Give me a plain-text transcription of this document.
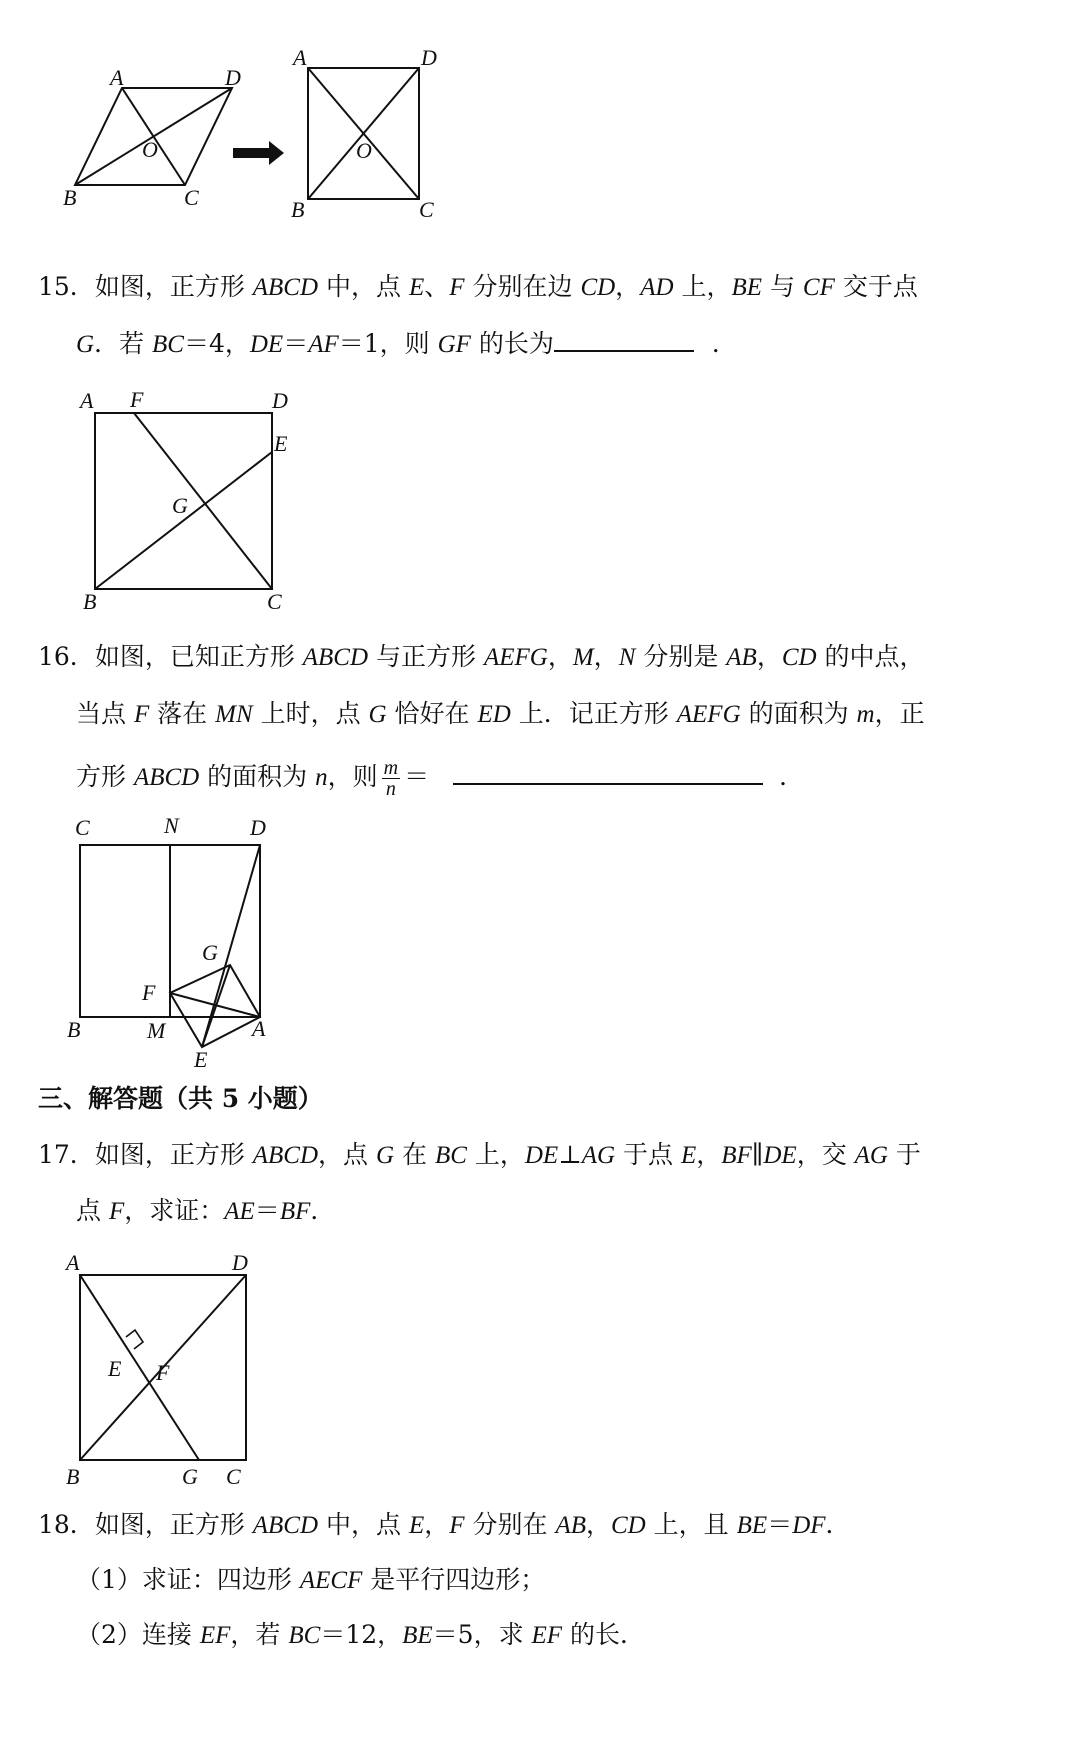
A	D
B	C
O
A	D
B	C
O
15．如图，正方形 ABCD 中，点 E、F 分别在边 CD，AD 上，BE 与 CF 交于点
G．若 BC＝4，DE＝AF＝1，则 GF 的长为	．
A F	D
E
G
B	C
16．如图，已知正方形 ABCD 与正方形 AEFG，M，N 分别是 AB，CD 的中点，
当点 F 落在 MN 上时，点 G 恰好在 ED 上．记正方形 AEFG 的面积为 m，正
方形 ABCD 的面积为 n，则 $\frac{m}{n}$ ＝	．
C	N	D
G
F
B	M	A
E
三、解答题（共 5 小题）
17．如图，正方形 ABCD，点 G 在 BC 上，DE⊥AG 于点 E，BF∥DE，交 AG 于
点 F，求证：AE＝BF．
A	D
E F
B	G C
18．如图，正方形 ABCD 中，点 E，F 分别在 AB，CD 上，且 BE＝DF．
（1）求证：四边形 AECF 是平行四边形；
（2）连接 EF，若 BC＝12，BE＝5，求 EF 的长．
